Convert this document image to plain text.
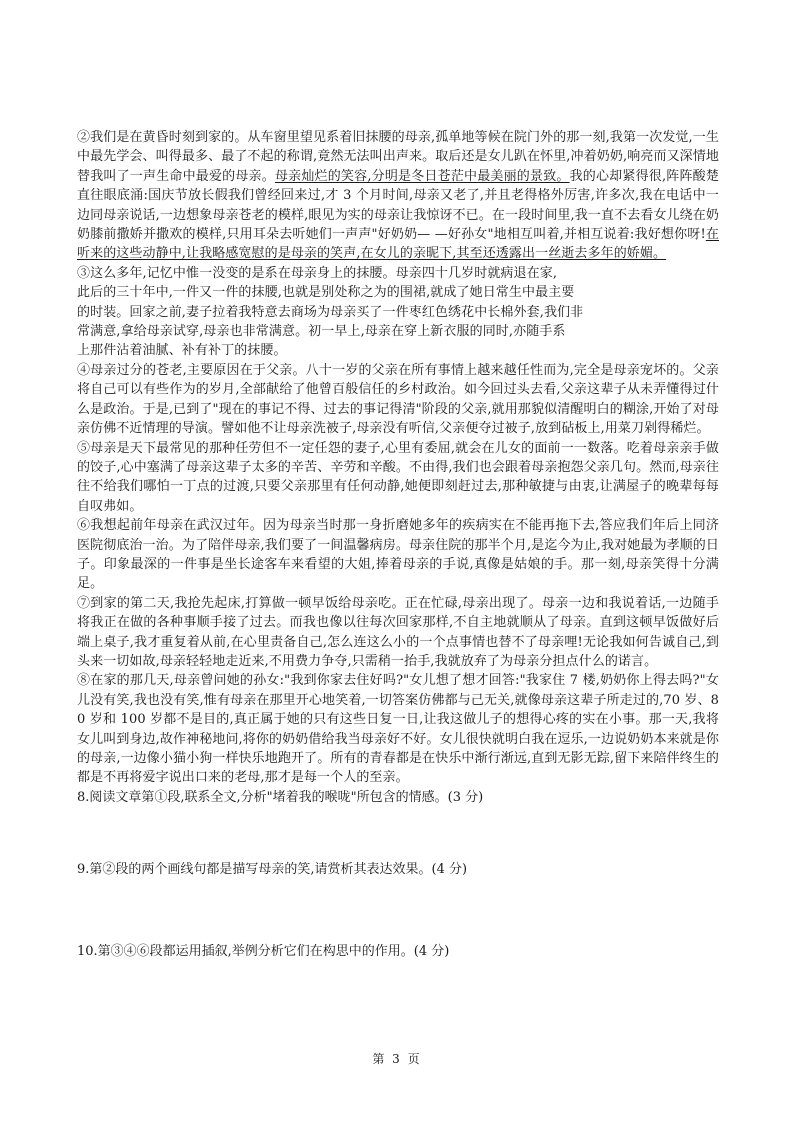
②我们是在黄昏时刻到家的。从车窗里望见系着旧抹腰的母亲,孤单地等候在院门外的那一刻,我第一次发觉,一生中最先学会、叫得最多、最了不起的称谓,竟然无法叫出声来。取后还是女儿趴在怀里,冲着奶奶,响亮而又深情地替我叫了一声生命中最爱的母亲。母亲灿烂的笑容,分明是冬日苍茫中最美丽的景致。我的心却紧得很,阵阵酸楚直往眼底涌:国庆节放长假我们曾经回来过,才 3 个月时间,母亲又老了,并且老得格外厉害,许多次,我在电话中一边同母亲说话,一边想象母亲苍老的模样,眼见为实的母亲让我惊讶不已。在一段时间里,我一直不去看女儿绕在奶奶膝前撒娇并撒欢的模样,只用耳朵去听她们一声声"好奶奶— —好孙女"地相互叫着,并相互说着:我好想你呀!在听来的这些动静中,让我略感宽慰的是母亲的笑声,在女儿的亲昵下,其至还透露出一丝逝去多年的娇媚。

③这么多年,记忆中惟一没变的是系在母亲身上的抹腰。母亲四十几岁时就病退在家,
此后的三十年中,一件又一件的抹腰,也就是别处称之为的围裙,就成了她日常生中最主要
的时装。回家之前,妻子拉着我特意去商场为母亲买了一件枣红色绣花中长棉外套,我们非
常满意,拿给母亲试穿,母亲也非常满意。初一早上,母亲在穿上新衣服的同时,亦随手系
上那件沾着油腻、补有补丁的抹腰。

④母亲过分的苍老,主要原因在于父亲。八十一岁的父亲在所有事情上越来越任性而为,完全是母亲宠坏的。父亲将自己可以有些作为的岁月,全部献给了他曾百般信任的乡村政治。如今回过头去看,父亲这辈子从未弄懂得过什么是政治。于是,已到了"现在的事记不得、过去的事记得清"阶段的父亲,就用那貌似清醒明白的糊涂,开始了对母亲仿佛不近情理的导演。譬如他不让母亲洗被子,母亲没有听信,父亲便夺过被子,放到砧板上,用菜刀剁得稀烂。

⑤母亲是天下最常见的那种任劳但不一定任怨的妻子,心里有委屈,就会在儿女的面前一一数落。吃着母亲亲手做的饺子,心中塞满了母亲这辈子太多的辛苦、辛劳和辛酸。不由得,我们也会跟着母亲抱怨父亲几句。然而,母亲往往不给我们哪怕一丁点的过渡,只要父亲那里有任何动静,她便即刻赶过去,那种敏捷与由衷,让满屋子的晚辈每每自叹弗如。

⑥我想起前年母亲在武汉过年。因为母亲当时那一身折磨她多年的疾病实在不能再拖下去,答应我们年后上同济医院彻底治一治。为了陪伴母亲,我们要了一间温馨病房。母亲住院的那半个月,是迄今为止,我对她最为孝顺的日子。印象最深的一件事是坐长途客车来看望的大姐,捧着母亲的手说,真像是姑娘的手。那一刻,母亲笑得十分满足。

⑦到家的第二天,我抢先起床,打算做一顿早饭给母亲吃。正在忙碌,母亲出现了。母亲一边和我说着话,一边随手将我正在做的各种事顺手接了过去。而我也像以往每次回家那样,不自主地就顺从了母亲。直到这顿早饭做好后端上桌子,我才重复着从前,在心里责备自己,怎么连这么小的一个点事情也替不了母亲哩!无论我如何告诚自己,到头来一切如故,母亲轻轻地走近来,不用费力争夺,只需稍一抬手,我就放弃了为母亲分担点什么的诺言。

⑧在家的那几天,母亲曾问她的孙女:"我到你家去住好吗?"女儿想了想才回答:"我家住 7 楼,奶奶你上得去吗?"女儿没有笑,我也没有笑,惟有母亲在那里开心地笑着,一切答案仿佛都与己无关,就像母亲这辈子所走过的,70 岁、80 岁和 100 岁都不是目的,真正属于她的只有这些日复一日,让我这做儿子的想得心疼的实在小事。那一天,我将女儿叫到身边,故作神秘地问,将你的奶奶借给我当母亲好不好。女儿很快就明白我在逗乐,一边说奶奶本来就是你的母亲,一边像小猫小狗一样快乐地跑开了。所有的青春都是在快乐中渐行渐远,直到无影无踪,留下来陪伴终生的都是不再将爱字说出口来的老母,那才是每一个人的至亲。

8.阅读文章第①段,联系全文,分析"堵着我的喉咙"所包含的情感。(3 分)

9.第②段的两个画线句都是描写母亲的笑,请赏析其表达效果。(4 分)

10.第③④⑥段都运用插叙,举例分析它们在构思中的作用。(4 分)

第 3 页
